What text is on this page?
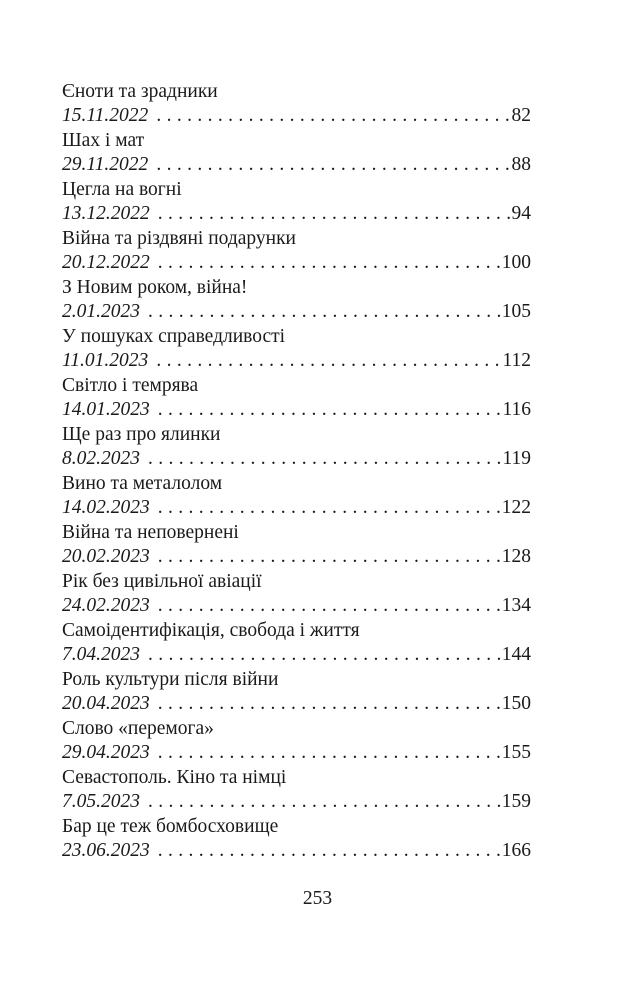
Єноти та зрадники
15.11.2022 . . .	82
Шах і мат
29.11.2022 . . .	88
Цегла на вогні
13.12.2022 . . .	94
Війна та різдвяні подарунки
20.12.2022 . . .	100
З Новим роком, війна!
2.01.2023 . . .	105
У пошуках справедливості
11.01.2023 . . .	112
Світло і темрява
14.01.2023 . . .	116
Ще раз про ялинки
8.02.2023 . . .	119
Вино та металолом
14.02.2023 . . .	122
Війна та неповернені
20.02.2023 . . .	128
Рік без цивільної авіації
24.02.2023 . . .	134
Самоідентифікація, свобода і життя
7.04.2023 . . .	144
Роль культури після війни
20.04.2023 . . .	150
Слово «перемога»
29.04.2023 . . .	155
Севастополь. Кіно та німці
7.05.2023 . . .	159
Бар це теж бомбосховище
23.06.2023 . . .	166
253
